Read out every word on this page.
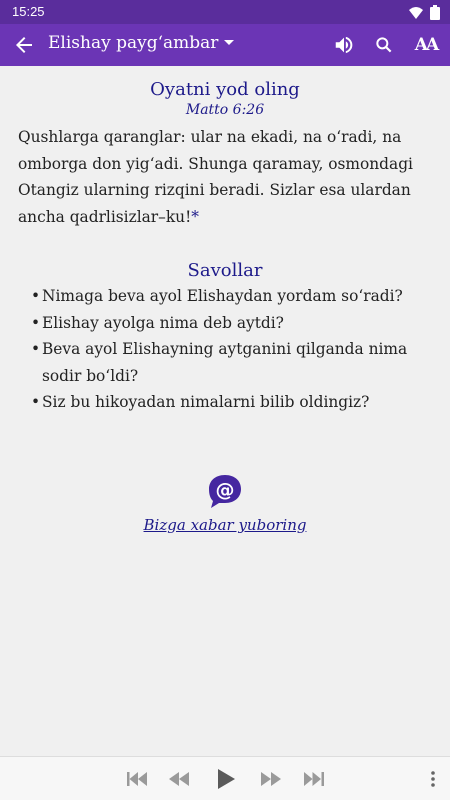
15:25
Elishay payg‘ambar	AA
Oyatni yod oling
Matto 6:26

Qushlarga qaranglar: ular na ekadi, na o‘radi, na omborga don yig‘adi. Shunga qaramay, osmondagi Otangiz ularning rizqini beradi. Sizlar esa ulardan ancha qadrlisizlar–ku!*

Savollar
• Nimaga beva ayol Elishaydan yordam so‘radi?
• Elishay ayolga nima deb aytdi?
• Beva ayol Elishayning aytganini qilganda nima sodir bo‘ldi?
• Siz bu hikoyadan nimalarni bilib oldingiz?
@
Bizga xabar yuboring
